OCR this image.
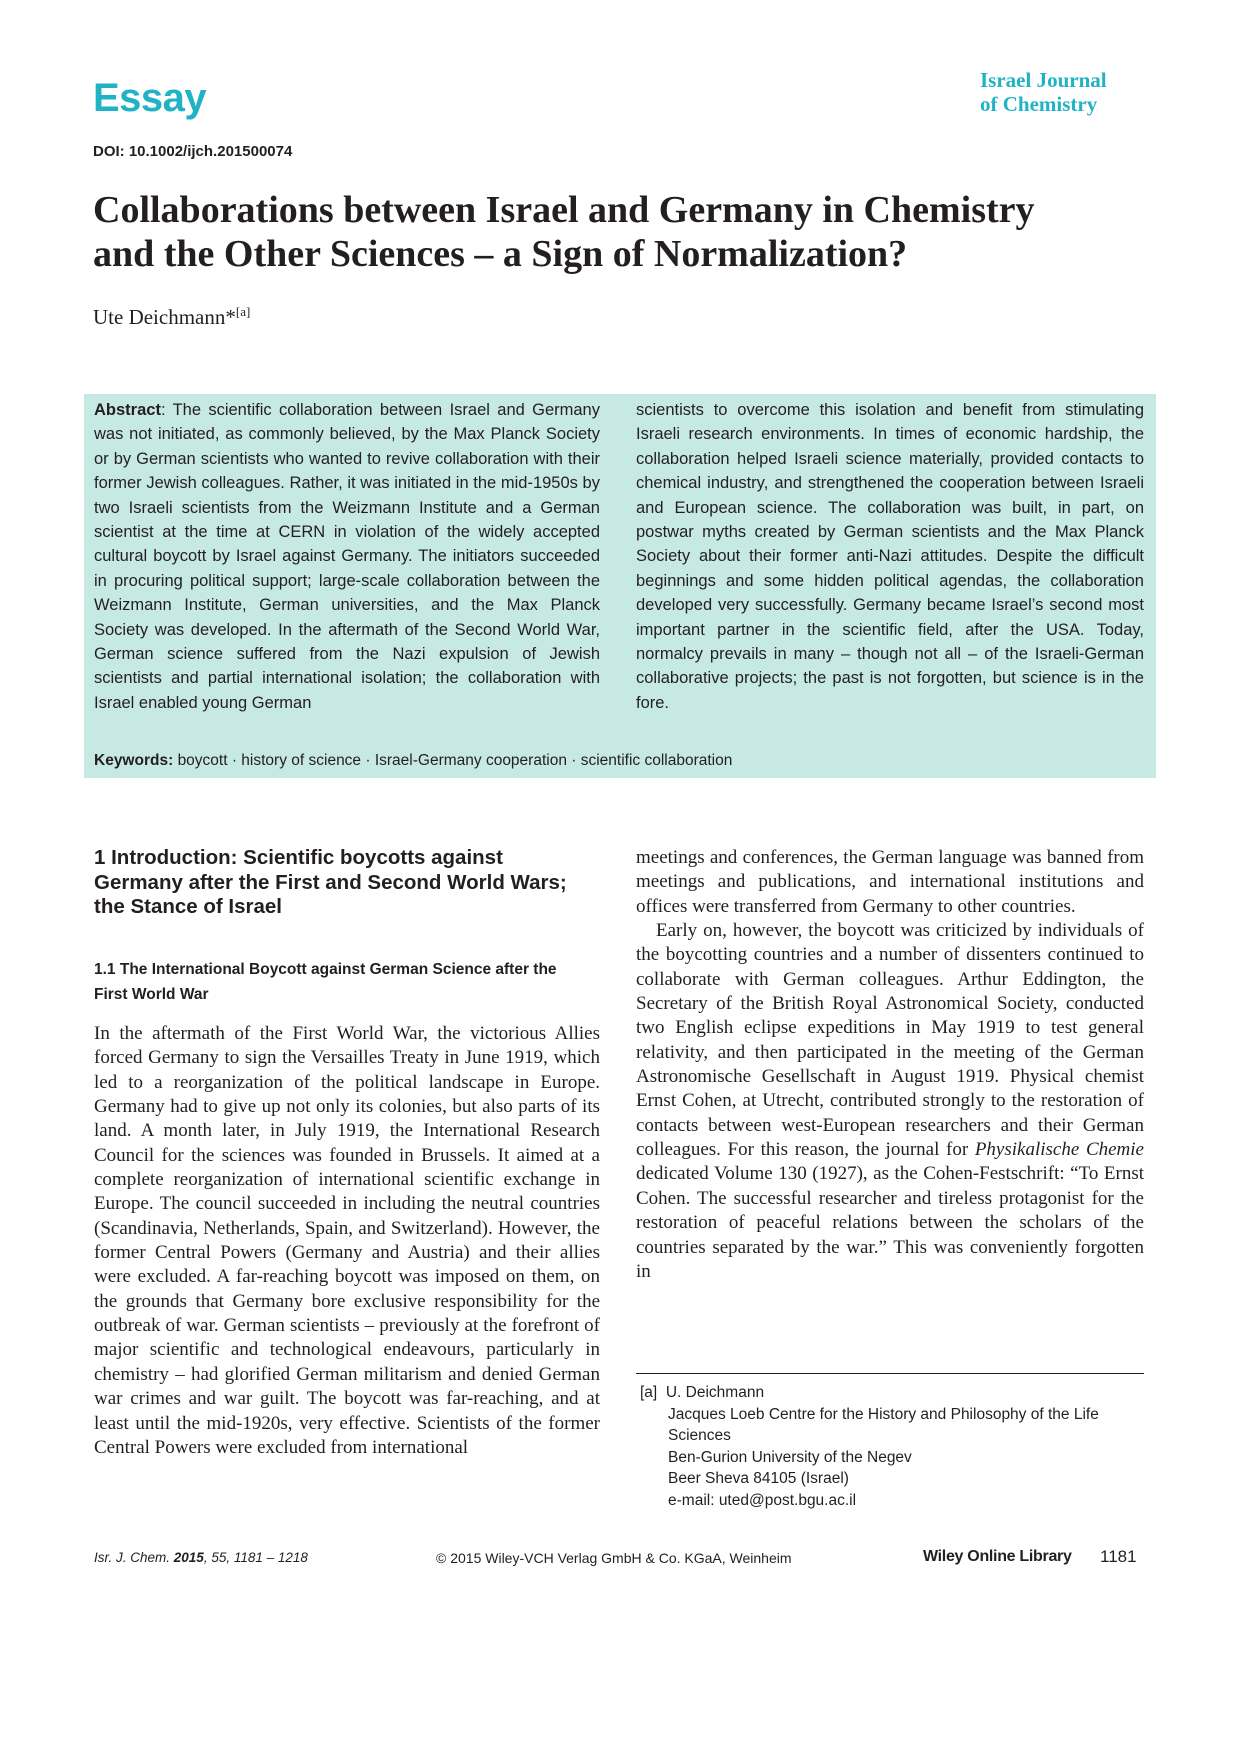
Essay	Israel Journal
of Chemistry
DOI: 10.1002/ijch.201500074
Collaborations between Israel and Germany in Chemistry
and the Other Sciences – a Sign of Normalization?
Ute Deichmann*[a]
Abstract: The scientific collaboration between Israel and Germany was not initiated, as commonly believed, by the Max Planck Society or by German scientists who wanted to revive collaboration with their former Jewish colleagues. Rather, it was initiated in the mid-1950s by two Israeli scientists from the Weizmann Institute and a German scientist at the time at CERN in violation of the widely accepted cultural boycott by Israel against Germany. The initiators succeeded in procuring political support; large-scale collaboration between the Weizmann Institute, German universities, and the Max Planck Society was developed. In the aftermath of the Second World War, German science suffered from the Nazi expulsion of Jewish scientists and partial international isolation; the collaboration with Israel enabled young German
scientists to overcome this isolation and benefit from stimulating Israeli research environments. In times of economic hardship, the collaboration helped Israeli science materially, provided contacts to chemical industry, and strengthened the cooperation between Israeli and European science. The collaboration was built, in part, on postwar myths created by German scientists and the Max Planck Society about their former anti-Nazi attitudes. Despite the difficult beginnings and some hidden political agendas, the collaboration developed very successfully. Germany became Israel’s second most important partner in the scientific field, after the USA. Today, normalcy prevails in many – though not all – of the Israeli-German collaborative projects; the past is not forgotten, but science is in the fore.
Keywords: boycott · history of science · Israel-Germany cooperation · scientific collaboration
1 Introduction: Scientific boycotts against
Germany after the First and Second World Wars;
the Stance of Israel
1.1 The International Boycott against German Science after the
First World War
In the aftermath of the First World War, the victorious Allies forced Germany to sign the Versailles Treaty in June 1919, which led to a reorganization of the political landscape in Europe. Germany had to give up not only its colonies, but also parts of its land. A month later, in July 1919, the International Research Council for the sciences was founded in Brussels. It aimed at a complete reorganization of international scientific exchange in Europe. The council succeeded in including the neutral countries (Scandinavia, Netherlands, Spain, and Switzerland). However, the former Central Powers (Germany and Austria) and their allies were excluded. A far-reaching boycott was imposed on them, on the grounds that Germany bore exclusive responsibility for the outbreak of war. German scientists – previously at the forefront of major scientific and technological endeavours, particularly in chemistry – had glorified German militarism and denied German war crimes and war guilt. The boycott was far-reaching, and at least until the mid-1920s, very effective. Scientists of the former Central Powers were excluded from international

meetings and conferences, the German language was banned from meetings and publications, and international institutions and offices were transferred from Germany to other countries.

Early on, however, the boycott was criticized by individuals of the boycotting countries and a number of dissenters continued to collaborate with German colleagues. Arthur Eddington, the Secretary of the British Royal Astronomical Society, conducted two English eclipse expeditions in May 1919 to test general relativity, and then participated in the meeting of the German Astronomische Gesellschaft in August 1919. Physical chemist Ernst Cohen, at Utrecht, contributed strongly to the restoration of contacts between west-European researchers and their German colleagues. For this reason, the journal for Physikalische Chemie dedicated Volume 130 (1927), as the Cohen-Festschrift: “To Ernst Cohen. The successful researcher and tireless protagonist for the restoration of peaceful relations between the scholars of the countries separated by the war.” This was conveniently forgotten in

[a] U. Deichmann
Jacques Loeb Centre for the History and Philosophy of the Life
Sciences
Ben-Gurion University of the Negev
Beer Sheva 84105 (Israel)
e-mail: uted@post.bgu.ac.il
Isr. J. Chem. 2015, 55, 1181 – 1218	© 2015 Wiley-VCH Verlag GmbH & Co. KGaA, Weinheim	Wiley Online Library 1181
